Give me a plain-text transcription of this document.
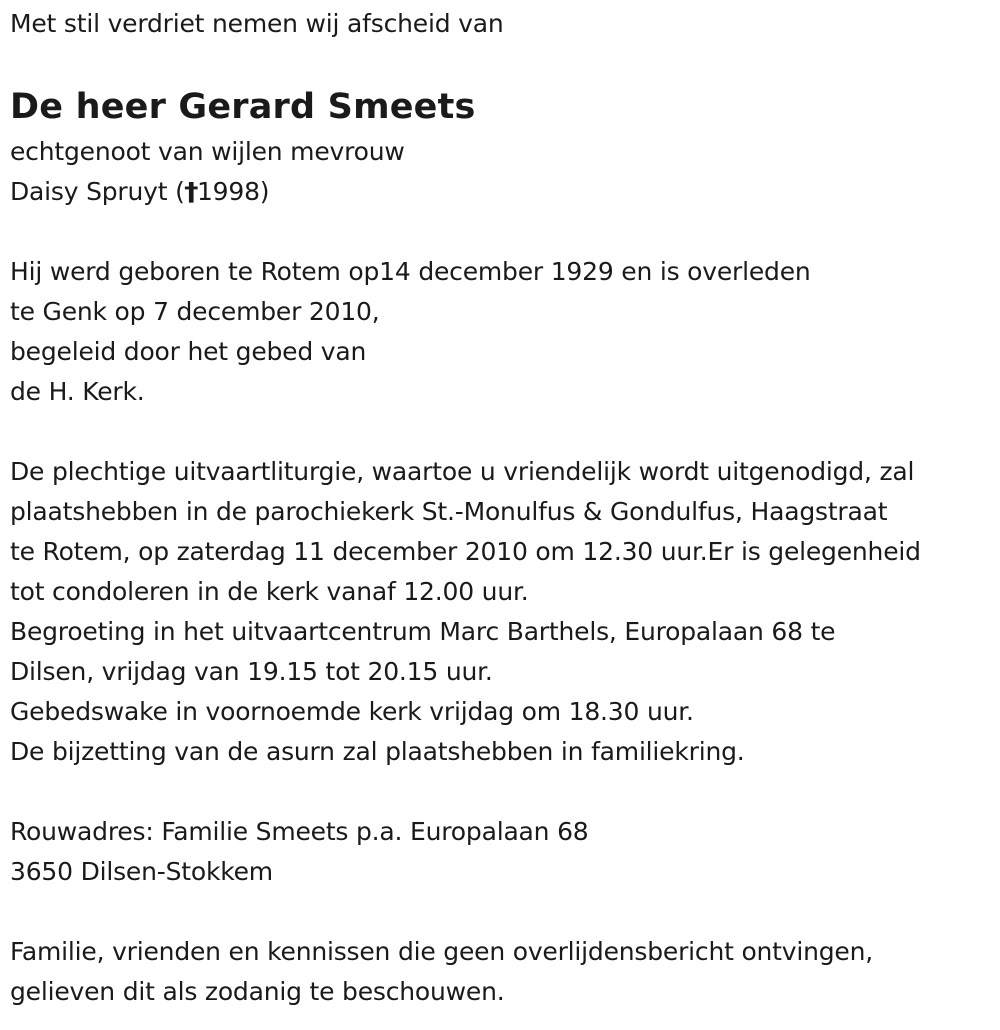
Met stil verdriet nemen wij afscheid van
De heer Gerard Smeets
echtgenoot van wijlen mevrouw
Daisy Spruyt (†1998)
Hij werd geboren te Rotem op14 december 1929 en is overleden
te Genk op 7 december 2010,
begeleid door het gebed van
de H. Kerk.
De plechtige uitvaartliturgie, waartoe u vriendelijk wordt uitgenodigd, zal
plaatshebben in de parochiekerk St.-Monulfus & Gondulfus, Haagstraat
te Rotem, op zaterdag 11 december 2010 om 12.30 uur.Er is gelegenheid
tot condoleren in de kerk vanaf 12.00 uur.
Begroeting in het uitvaartcentrum Marc Barthels, Europalaan 68 te
Dilsen, vrijdag van 19.15 tot 20.15 uur.
Gebedswake in voornoemde kerk vrijdag om 18.30 uur.
De bijzetting van de asurn zal plaatshebben in familiekring.
Rouwadres: Familie Smeets p.a. Europalaan 68
3650 Dilsen-Stokkem
Familie, vrienden en kennissen die geen overlijdensbericht ontvingen,
gelieven dit als zodanig te beschouwen.
